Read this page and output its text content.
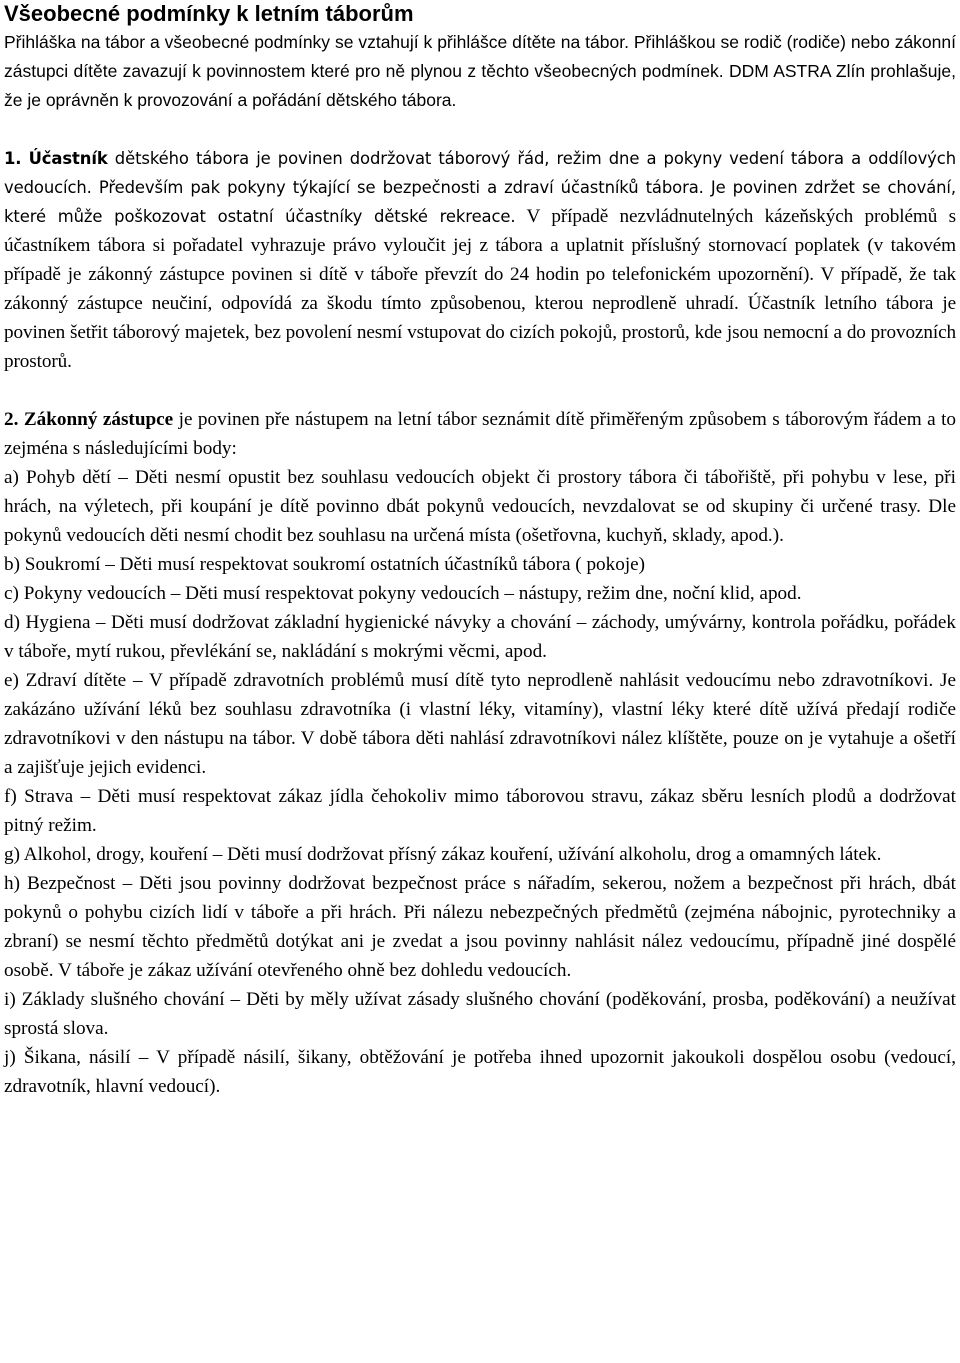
Všeobecné podmínky k letním táborům

Přihláška na tábor a všeobecné podmínky se vztahují k přihlášce dítěte na tábor. Přihláškou se rodič (rodiče) nebo zákonní zástupci dítěte zavazují k povinnostem které pro ně plynou z těchto všeobecných podmínek. DDM ASTRA Zlín prohlašuje, že je oprávněn k provozování a pořádání dětského tábora.

1. Účastník dětského tábora je povinen dodržovat táborový řád, režim dne a pokyny vedení tábora a oddílových vedoucích. Především pak pokyny týkající se bezpečnosti a zdraví účastníků tábora. Je povinen zdržet se chování, které může poškozovat ostatní účastníky dětské rekreace. V případě nezvládnutelných kázeňských problémů s účastníkem tábora si pořadatel vyhrazuje právo vyloučit jej z tábora a uplatnit příslušný stornovací poplatek (v takovém případě je zákonný zástupce povinen si dítě v táboře převzít do 24 hodin po telefonickém upozornění). V případě, že tak zákonný zástupce neučiní, odpovídá za škodu tímto způsobenou, kterou neprodleně uhradí. Účastník letního tábora je povinen šetřit táborový majetek, bez povolení nesmí vstupovat do cizích pokojů, prostorů, kde jsou nemocní a do provozních prostorů.

2. Zákonný zástupce je povinen pře nástupem na letní tábor seznámit dítě přiměřeným způsobem s táborovým řádem a to zejména s následujícími body:

a) Pohyb dětí – Děti nesmí opustit bez souhlasu vedoucích objekt či prostory tábora či tábořiště, při pohybu v lese, při hrách, na výletech, při koupání je dítě povinno dbát pokynů vedoucích, nevzdalovat se od skupiny či určené trasy. Dle pokynů vedoucích děti nesmí chodit bez souhlasu na určená místa (ošetřovna, kuchyň, sklady, apod.).

b) Soukromí – Děti musí respektovat soukromí ostatních účastníků tábora ( pokoje)

c) Pokyny vedoucích – Děti musí respektovat pokyny vedoucích – nástupy, režim dne, noční klid, apod.

d) Hygiena – Děti musí dodržovat základní hygienické návyky a chování – záchody, umývárny, kontrola pořádku, pořádek v táboře, mytí rukou, převlékání se, nakládání s mokrými věcmi, apod.

e) Zdraví dítěte – V případě zdravotních problémů musí dítě tyto neprodleně nahlásit vedoucímu nebo zdravotníkovi. Je zakázáno užívání léků bez souhlasu zdravotníka (i vlastní léky, vitamíny), vlastní léky které dítě užívá předají rodiče zdravotníkovi v den nástupu na tábor. V době tábora děti nahlásí zdravotníkovi nález klíštěte, pouze on je vytahuje a ošetří a zajišťuje jejich evidenci.

f) Strava – Děti musí respektovat zákaz jídla čehokoliv mimo táborovou stravu, zákaz sběru lesních plodů a dodržovat pitný režim.

g) Alkohol, drogy, kouření – Děti musí dodržovat přísný zákaz kouření, užívání alkoholu, drog a omamných látek.

h) Bezpečnost – Děti jsou povinny dodržovat bezpečnost práce s nářadím, sekerou, nožem a bezpečnost při hrách, dbát pokynů o pohybu cizích lidí v táboře a při hrách. Při nálezu nebezpečných předmětů (zejména nábojnic, pyrotechniky a zbraní) se nesmí těchto předmětů dotýkat ani je zvedat a jsou povinny nahlásit nález vedoucímu, případně jiné dospělé osobě. V táboře je zákaz užívání otevřeného ohně bez dohledu vedoucích.

i) Základy slušného chování – Děti by měly užívat zásady slušného chování (poděkování, prosba, poděkování) a neužívat sprostá slova.

j) Šikana, násilí – V případě násilí, šikany, obtěžování je potřeba ihned upozornit jakoukoli dospělou osobu (vedoucí, zdravotník, hlavní vedoucí).
